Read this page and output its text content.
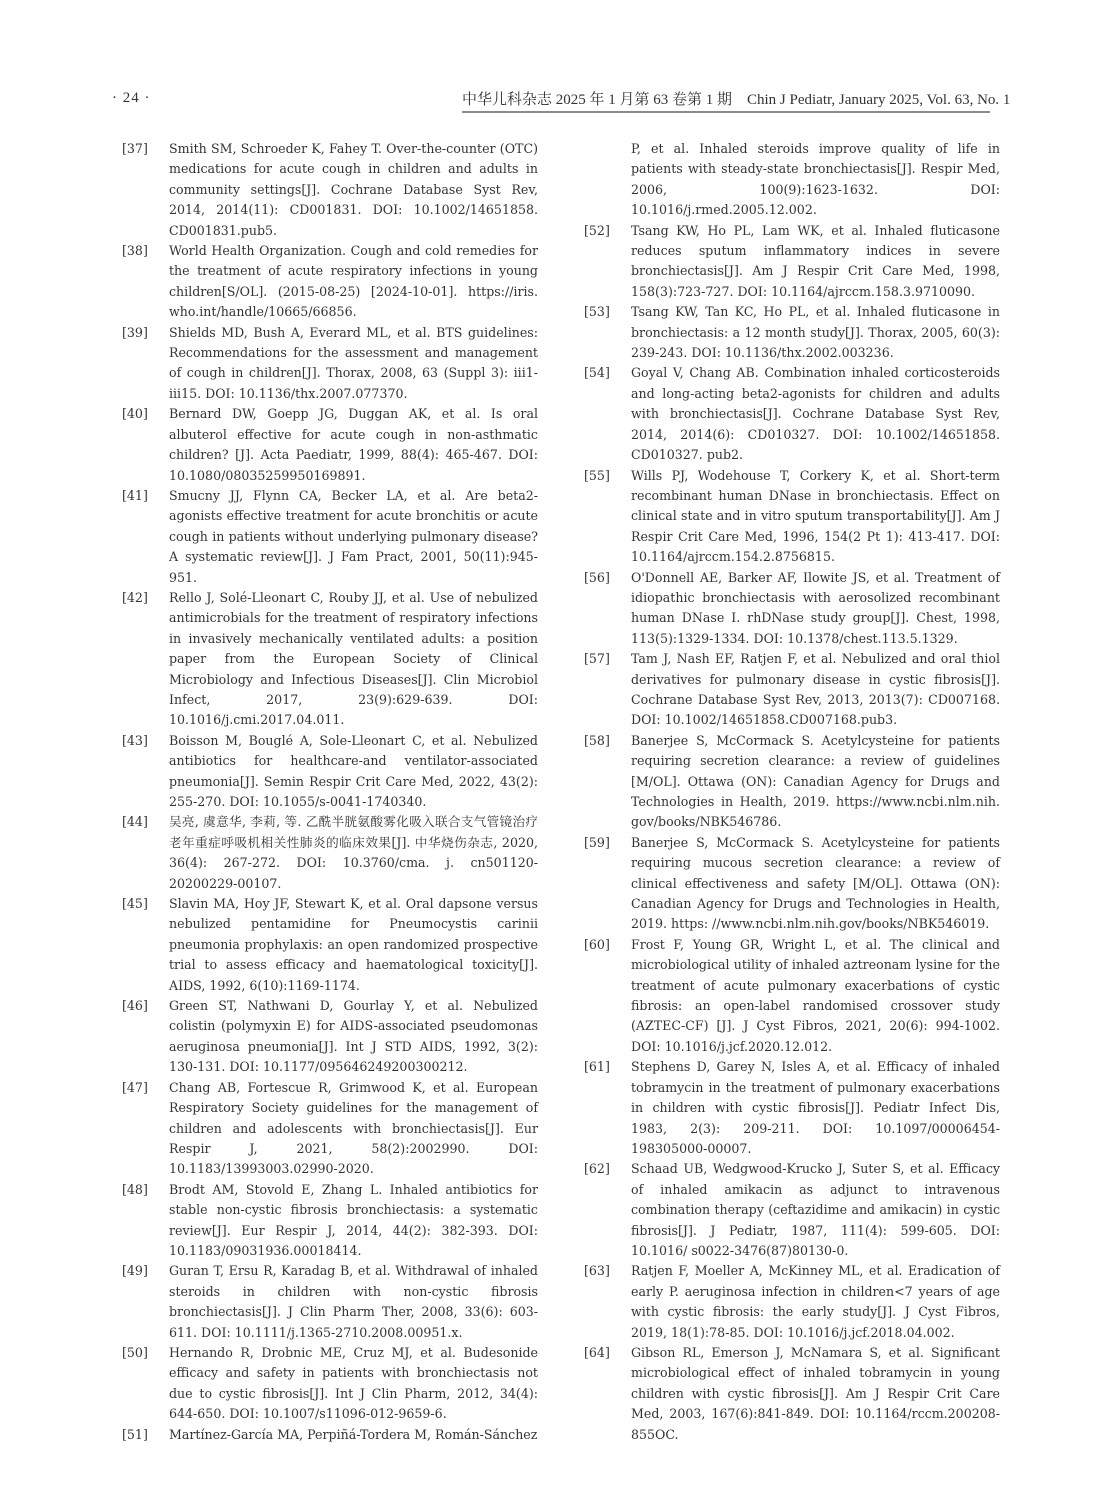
· 24 ·	中华儿科杂志 2025 年 1 月第 63 卷第 1 期　Chin J Pediatr, January 2025, Vol. 63, No. 1
[37]	Smith SM, Schroeder K, Fahey T. Over-the-counter (OTC) medications for acute cough in children and adults in community settings[J]. Cochrane Database Syst Rev, 2014, 2014(11): CD001831. DOI: 10.1002/14651858. CD001831.pub5.
[38]	World Health Organization. Cough and cold remedies for the treatment of acute respiratory infections in young children[S/OL]. (2015-08-25) [2024-10-01]. https://iris. who.int/handle/10665/66856.
[39]	Shields MD, Bush A, Everard ML, et al. BTS guidelines: Recommendations for the assessment and management of cough in children[J]. Thorax, 2008, 63 (Suppl 3): iii1-iii15. DOI: 10.1136/thx.2007.077370.
[40]	Bernard DW, Goepp JG, Duggan AK, et al. Is oral albuterol effective for acute cough in non-asthmatic children? [J]. Acta Paediatr, 1999, 88(4): 465-467. DOI: 10.1080/08035259950169891.
[41]	Smucny JJ, Flynn CA, Becker LA, et al. Are beta2-agonists effective treatment for acute bronchitis or acute cough in patients without underlying pulmonary disease? A systematic review[J]. J Fam Pract, 2001, 50(11):945-951.
[42]	Rello J, Solé-Lleonart C, Rouby JJ, et al. Use of nebulized antimicrobials for the treatment of respiratory infections in invasively mechanically ventilated adults: a position paper from the European Society of Clinical Microbiology and Infectious Diseases[J]. Clin Microbiol Infect, 2017, 23(9):629-639. DOI: 10.1016/j.cmi.2017.04.011.
[43]	Boisson M, Bouglé A, Sole-Lleonart C, et al. Nebulized antibiotics for healthcare-and ventilator-associated pneumonia[J]. Semin Respir Crit Care Med, 2022, 43(2): 255-270. DOI: 10.1055/s-0041-1740340.
[44]	吴亮, 虞意华, 李莉, 等. 乙酰半胱氨酸雾化吸入联合支气管镜治疗老年重症呼吸机相关性肺炎的临床效果[J]. 中华烧伤杂志, 2020, 36(4): 267-272. DOI: 10.3760/cma. j. cn501120-20200229-00107.
[45]	Slavin MA, Hoy JF, Stewart K, et al. Oral dapsone versus nebulized pentamidine for Pneumocystis carinii pneumonia prophylaxis: an open randomized prospective trial to assess efficacy and haematological toxicity[J]. AIDS, 1992, 6(10):1169-1174.
[46]	Green ST, Nathwani D, Gourlay Y, et al. Nebulized colistin (polymyxin E) for AIDS-associated pseudomonas aeruginosa pneumonia[J]. Int J STD AIDS, 1992, 3(2): 130-131. DOI: 10.1177/095646249200300212.
[47]	Chang AB, Fortescue R, Grimwood K, et al. European Respiratory Society guidelines for the management of children and adolescents with bronchiectasis[J]. Eur Respir J, 2021, 58(2):2002990. DOI: 10.1183/13993003.02990-2020.
[48]	Brodt AM, Stovold E, Zhang L. Inhaled antibiotics for stable non-cystic fibrosis bronchiectasis: a systematic review[J]. Eur Respir J, 2014, 44(2): 382-393. DOI: 10.1183/09031936.00018414.
[49]	Guran T, Ersu R, Karadag B, et al. Withdrawal of inhaled steroids in children with non-cystic fibrosis bronchiectasis[J]. J Clin Pharm Ther, 2008, 33(6): 603-611. DOI: 10.1111/j.1365-2710.2008.00951.x.
[50]	Hernando R, Drobnic ME, Cruz MJ, et al. Budesonide efficacy and safety in patients with bronchiectasis not due to cystic fibrosis[J]. Int J Clin Pharm, 2012, 34(4): 644-650. DOI: 10.1007/s11096-012-9659-6.
[51]	Martínez-García MA, Perpiñá-Tordera M, Román-Sánchez
P, et al. Inhaled steroids improve quality of life in patients with steady-state bronchiectasis[J]. Respir Med, 2006, 100(9):1623-1632. DOI: 10.1016/j.rmed.2005.12.002.
[52]	Tsang KW, Ho PL, Lam WK, et al. Inhaled fluticasone reduces sputum inflammatory indices in severe bronchiectasis[J]. Am J Respir Crit Care Med, 1998, 158(3):723-727. DOI: 10.1164/ajrccm.158.3.9710090.
[53]	Tsang KW, Tan KC, Ho PL, et al. Inhaled fluticasone in bronchiectasis: a 12 month study[J]. Thorax, 2005, 60(3): 239-243. DOI: 10.1136/thx.2002.003236.
[54]	Goyal V, Chang AB. Combination inhaled corticosteroids and long-acting beta2-agonists for children and adults with bronchiectasis[J]. Cochrane Database Syst Rev, 2014, 2014(6): CD010327. DOI: 10.1002/14651858. CD010327. pub2.
[55]	Wills PJ, Wodehouse T, Corkery K, et al. Short-term recombinant human DNase in bronchiectasis. Effect on clinical state and in vitro sputum transportability[J]. Am J Respir Crit Care Med, 1996, 154(2 Pt 1): 413-417. DOI: 10.1164/ajrccm.154.2.8756815.
[56]	O'Donnell AE, Barker AF, Ilowite JS, et al. Treatment of idiopathic bronchiectasis with aerosolized recombinant human DNase I. rhDNase study group[J]. Chest, 1998, 113(5):1329-1334. DOI: 10.1378/chest.113.5.1329.
[57]	Tam J, Nash EF, Ratjen F, et al. Nebulized and oral thiol derivatives for pulmonary disease in cystic fibrosis[J]. Cochrane Database Syst Rev, 2013, 2013(7): CD007168. DOI: 10.1002/14651858.CD007168.pub3.
[58]	Banerjee S, McCormack S. Acetylcysteine for patients requiring secretion clearance: a review of guidelines [M/OL]. Ottawa (ON): Canadian Agency for Drugs and Technologies in Health, 2019. https://www.ncbi.nlm.nih. gov/books/NBK546786.
[59]	Banerjee S, McCormack S. Acetylcysteine for patients requiring mucous secretion clearance: a review of clinical effectiveness and safety [M/OL]. Ottawa (ON): Canadian Agency for Drugs and Technologies in Health, 2019. https: //www.ncbi.nlm.nih.gov/books/NBK546019.
[60]	Frost F, Young GR, Wright L, et al. The clinical and microbiological utility of inhaled aztreonam lysine for the treatment of acute pulmonary exacerbations of cystic fibrosis: an open-label randomised crossover study (AZTEC-CF) [J]. J Cyst Fibros, 2021, 20(6): 994-1002. DOI: 10.1016/j.jcf.2020.12.012.
[61]	Stephens D, Garey N, Isles A, et al. Efficacy of inhaled tobramycin in the treatment of pulmonary exacerbations in children with cystic fibrosis[J]. Pediatr Infect Dis, 1983, 2(3): 209-211. DOI: 10.1097/00006454-198305000-00007.
[62]	Schaad UB, Wedgwood-Krucko J, Suter S, et al. Efficacy of inhaled amikacin as adjunct to intravenous combination therapy (ceftazidime and amikacin) in cystic fibrosis[J]. J Pediatr, 1987, 111(4): 599-605. DOI: 10.1016/ s0022-3476(87)80130-0.
[63]	Ratjen F, Moeller A, McKinney ML, et al. Eradication of early P. aeruginosa infection in children<7 years of age with cystic fibrosis: the early study[J]. J Cyst Fibros, 2019, 18(1):78-85. DOI: 10.1016/j.jcf.2018.04.002.
[64]	Gibson RL, Emerson J, McNamara S, et al. Significant microbiological effect of inhaled tobramycin in young children with cystic fibrosis[J]. Am J Respir Crit Care Med, 2003, 167(6):841-849. DOI: 10.1164/rccm.200208-855OC.
